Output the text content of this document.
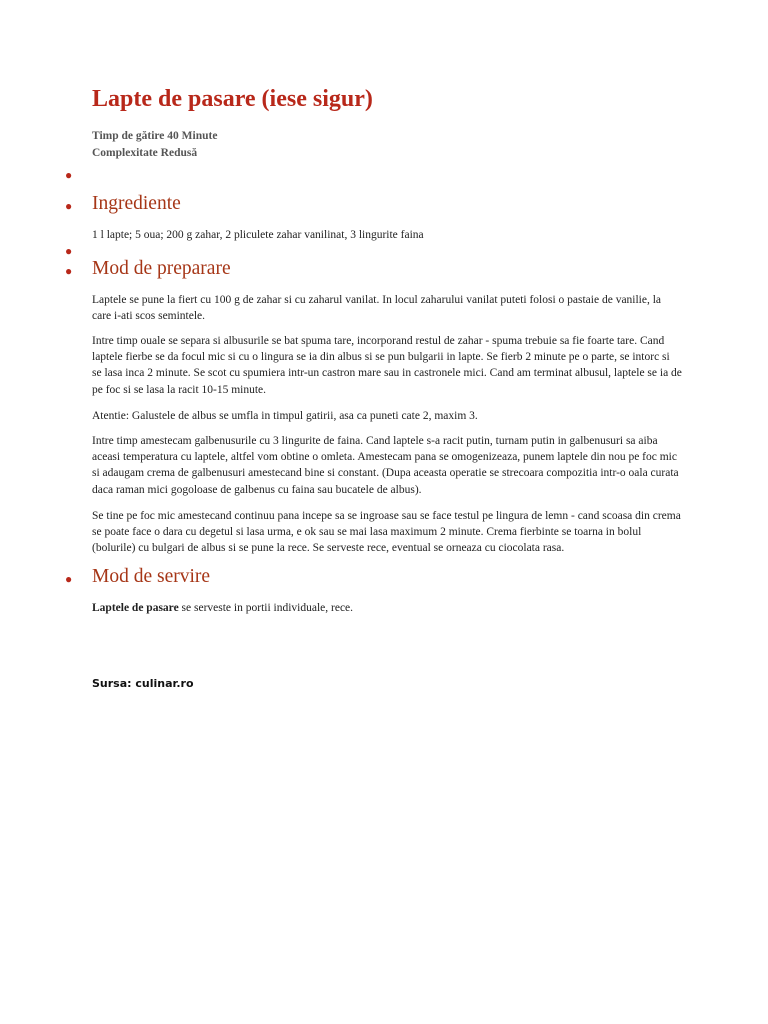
Lapte de pasare (iese sigur)
Timp de gătire 40 Minute
Complexitate Redusă
●
● Ingrediente

1 l lapte; 5 oua; 200 g zahar, 2 pliculete zahar vanilinat, 3 lingurite faina

●
● Mod de preparare

Laptele se pune la fiert cu 100 g de zahar si cu zaharul vanilat. In locul zaharului vanilat puteti folosi o pastaie de vanilie, la care i-ati scos semintele.

Intre timp ouale se separa si albusurile se bat spuma tare, incorporand restul de zahar - spuma trebuie sa fie foarte tare. Cand laptele fierbe se da focul mic si cu o lingura se ia din albus si se pun bulgarii in lapte. Se fierb 2 minute pe o parte, se intorc si se lasa inca 2 minute. Se scot cu spumiera intr-un castron mare sau in castronele mici. Cand am terminat albusul, laptele se ia de pe foc si se lasa la racit 10-15 minute.

Atentie: Galustele de albus se umfla in timpul gatirii, asa ca puneti cate 2, maxim 3.

Intre timp amestecam galbenusurile cu 3 lingurite de faina. Cand laptele s-a racit putin, turnam putin in galbenusuri sa aiba aceasi temperatura cu laptele, altfel vom obtine o omleta. Amestecam pana se omogenizeaza, punem laptele din nou pe foc mic si adaugam crema de galbenusuri amestecand bine si constant. (Dupa aceasta operatie se strecoara compozitia intr-o oala curata daca raman mici gogoloase de galbenus cu faina sau bucatele de albus).

Se tine pe foc mic amestecand continuu pana incepe sa se ingroase sau se face testul pe lingura de lemn - cand scoasa din crema se poate face o dara cu degetul si lasa urma, e ok sau se mai lasa maximum 2 minute. Crema fierbinte se toarna in bolul (bolurile) cu bulgari de albus si se pune la rece. Se serveste rece, eventual se orneaza cu ciocolata rasa.

● Mod de servire

Laptele de pasare se serveste in portii individuale, rece.

Sursa: culinar.ro
